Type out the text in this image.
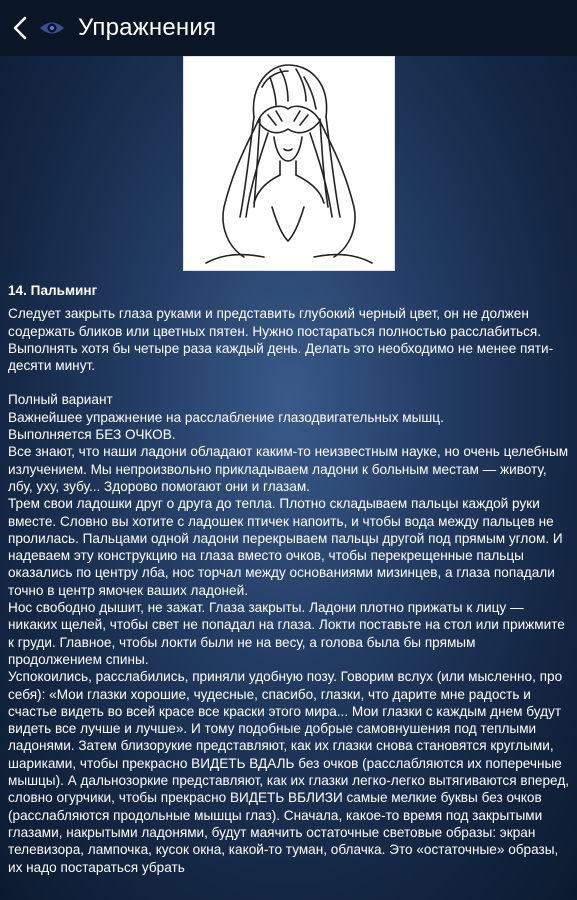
Упражнения

14. Пальминг

Следует закрыть глаза руками и представить глубокий черный цвет, он не должен содержать бликов или цветных пятен. Нужно постараться полностью расслабиться. Выполнять хотя бы четыре раза каждый день. Делать это необходимо не менее пяти-десяти минут.

Полный вариант
Важнейшее упражнение на расслабление глазодвигательных мышц.
Выполняется БЕЗ ОЧКОВ.
Все знают, что наши ладони обладают каким-то неизвестным науке, но очень целебным излучением. Мы непроизвольно прикладываем ладони к больным местам — животу, лбу, уху, зубу... Здорово помогают они и глазам.
Трем свои ладошки друг о друга до тепла. Плотно складываем пальцы каждой руки вместе. Словно вы хотите с ладошек птичек напоить, и чтобы вода между пальцев не пролилась. Пальцами одной ладони перекрываем пальцы другой под прямым углом. И надеваем эту конструкцию на глаза вместо очков, чтобы перекрещенные пальцы оказались по центру лба, нос торчал между основаниями мизинцев, а глаза попадали точно в центр ямочек ваших ладоней.
Нос свободно дышит, не зажат. Глаза закрыты. Ладони плотно прижаты к лицу — никаких щелей, чтобы свет не попадал на глаза. Локти поставьте на стол или прижмите к груди. Главное, чтобы локти были не на весу, а голова была бы прямым продолжением спины.
Успокоились, расслабились, приняли удобную позу. Говорим вслух (или мысленно, про себя): «Мои глазки хорошие, чудесные, спасибо, глазки, что дарите мне радость и счастье видеть во всей красе все краски этого мира... Мои глазки с каждым днем будут видеть все лучше и лучше». И тому подобные добрые самовнушения под теплыми ладонями. Затем близорукие представляют, как их глазки снова становятся круглыми, шариками, чтобы прекрасно ВИДЕТЬ ВДАЛЬ без очков (расслабляются их поперечные мышцы). А дальнозоркие представляют, как их глазки легко-легко вытягиваются вперед, словно огурчики, чтобы прекрасно ВИДЕТЬ ВБЛИЗИ самые мелкие буквы без очков (расслабляются продольные мышцы глаз). Сначала, какое-то время под закрытыми глазами, накрытыми ладонями, будут маячить остаточные световые образы: экран телевизора, лампочка, кусок окна, какой-то туман, облачка. Это «остаточные» образы, их надо постараться убрать
